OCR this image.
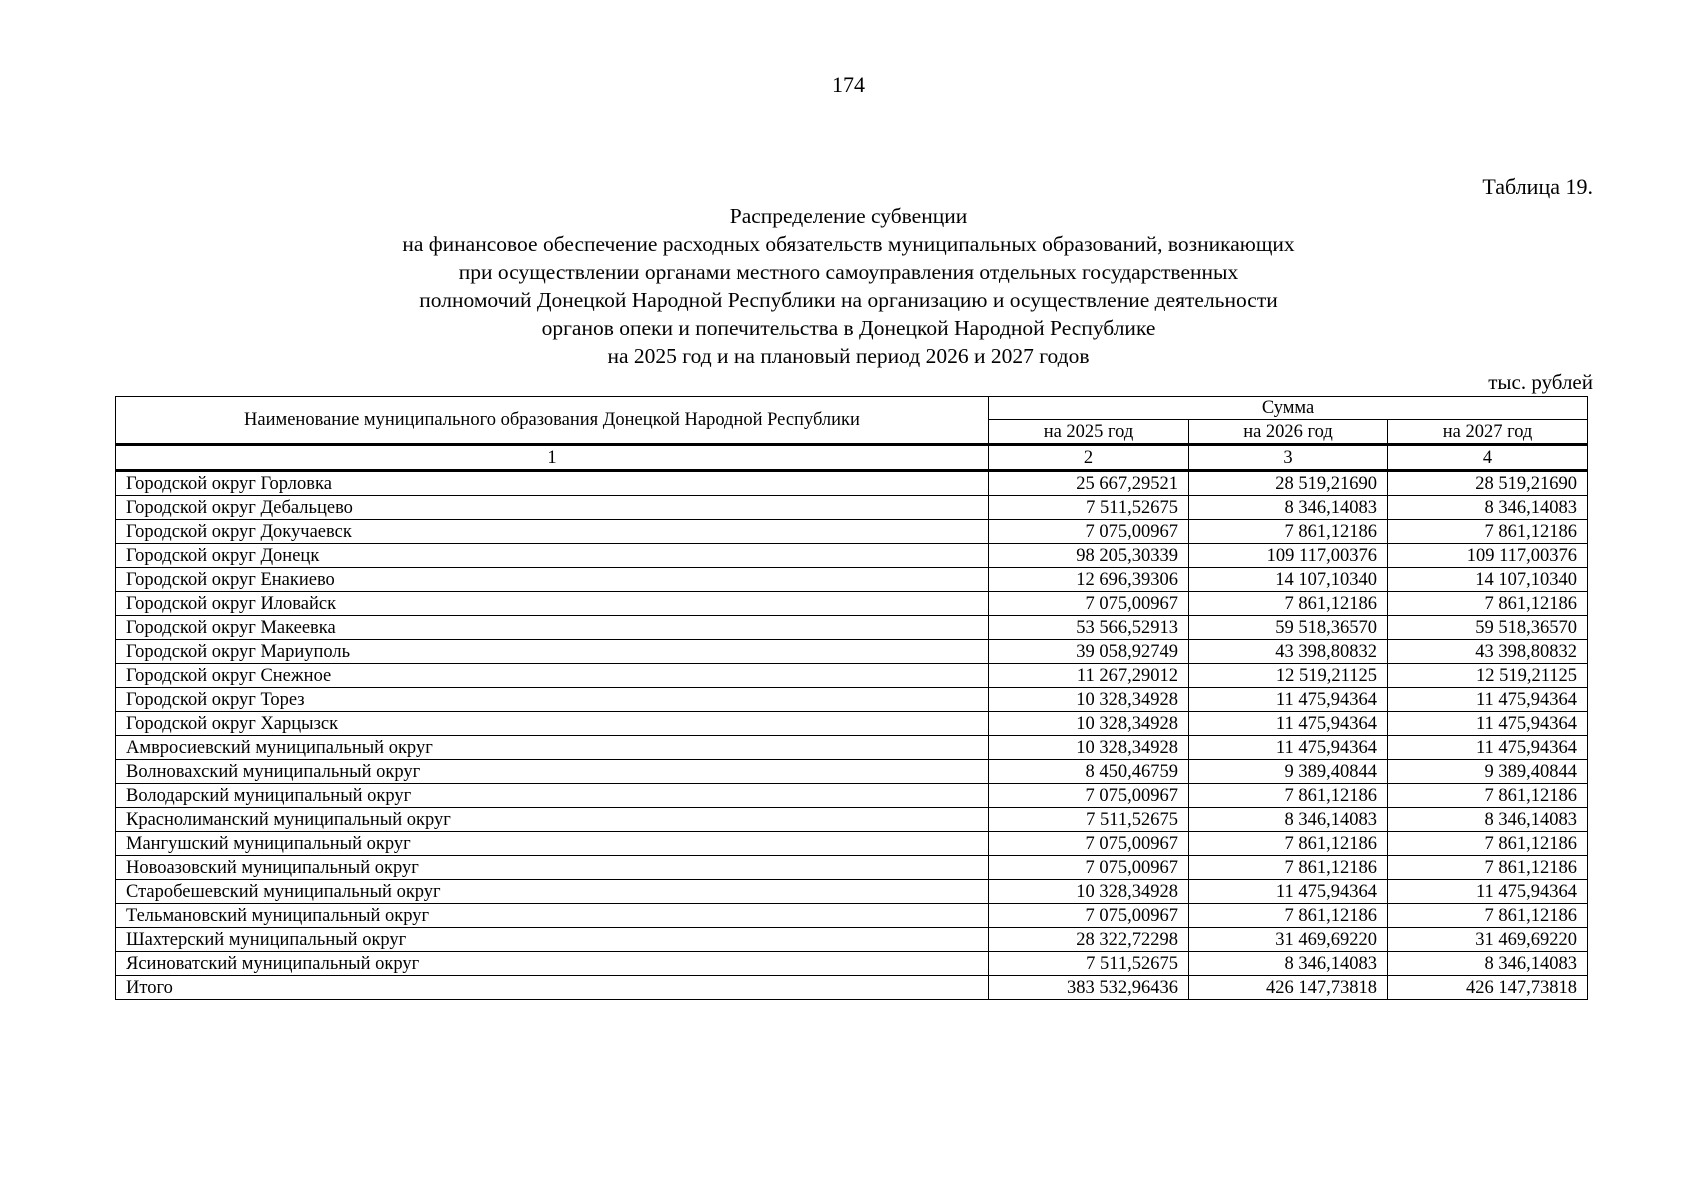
174
Таблица 19.
Распределение субвенции
на финансовое обеспечение расходных обязательств муниципальных образований, возникающих
при осуществлении органами местного самоуправления отдельных государственных
полномочий Донецкой Народной Республики на организацию и осуществление деятельности
органов опеки и попечительства в Донецкой Народной Республике
на 2025 год и на плановый период 2026 и 2027 годов
тыс. рублей
Наименование муниципального образования Донецкой Народной Республики	Сумма		
	на 2025 год	на 2026 год	на 2027 год
1	2	3	4
Городской округ Горловка	25 667,29521	28 519,21690	28 519,21690
Городской округ Дебальцево	7 511,52675	8 346,14083	8 346,14083
Городской округ Докучаевск	7 075,00967	7 861,12186	7 861,12186
Городской округ Донецк	98 205,30339	109 117,00376	109 117,00376
Городской округ Енакиево	12 696,39306	14 107,10340	14 107,10340
Городской округ Иловайск	7 075,00967	7 861,12186	7 861,12186
Городской округ Макеевка	53 566,52913	59 518,36570	59 518,36570
Городской округ Мариуполь	39 058,92749	43 398,80832	43 398,80832
Городской округ Снежное	11 267,29012	12 519,21125	12 519,21125
Городской округ Торез	10 328,34928	11 475,94364	11 475,94364
Городской округ Харцызск	10 328,34928	11 475,94364	11 475,94364
Амвросиевский муниципальный округ	10 328,34928	11 475,94364	11 475,94364
Волновахский муниципальный округ	8 450,46759	9 389,40844	9 389,40844
Володарский муниципальный округ	7 075,00967	7 861,12186	7 861,12186
Краснолиманский муниципальный округ	7 511,52675	8 346,14083	8 346,14083
Мангушский муниципальный округ	7 075,00967	7 861,12186	7 861,12186
Новоазовский муниципальный округ	7 075,00967	7 861,12186	7 861,12186
Старобешевский муниципальный округ	10 328,34928	11 475,94364	11 475,94364
Тельмановский муниципальный округ	7 075,00967	7 861,12186	7 861,12186
Шахтерский муниципальный округ	28 322,72298	31 469,69220	31 469,69220
Ясиноватский муниципальный округ	7 511,52675	8 346,14083	8 346,14083
Итого	383 532,96436	426 147,73818	426 147,73818
